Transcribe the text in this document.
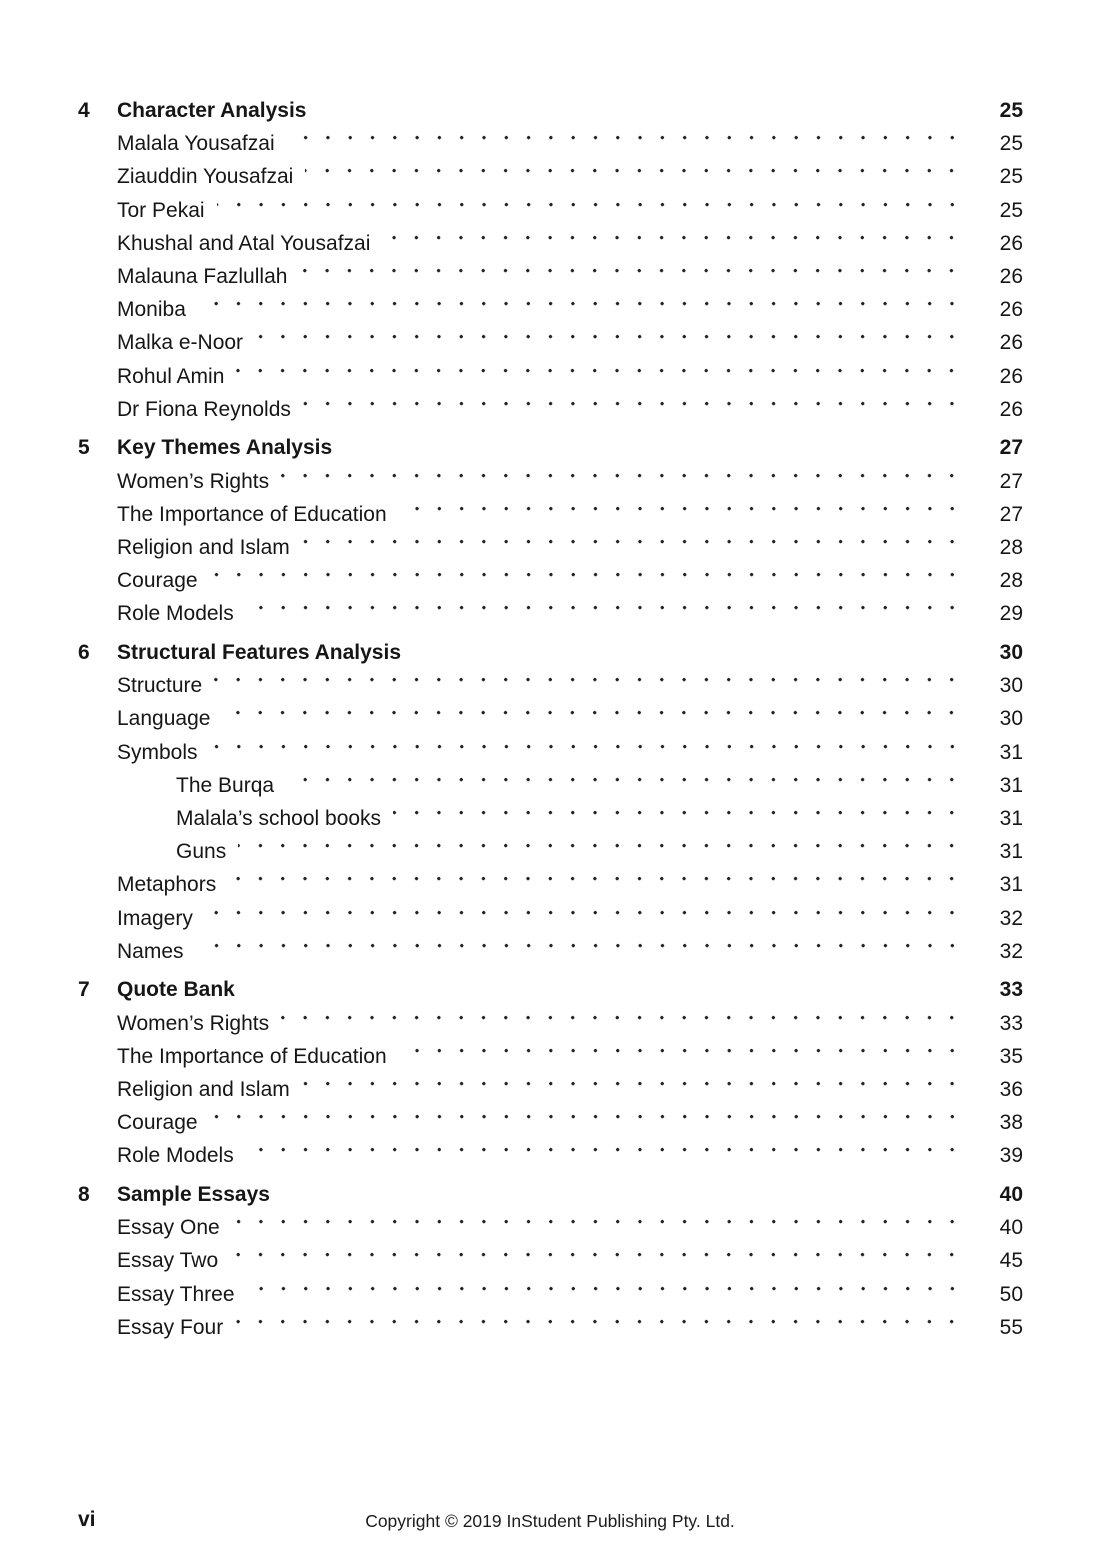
4	Character Analysis	25
Malala Yousafzai	25
Ziauddin Yousafzai	25
Tor Pekai	25
Khushal and Atal Yousafzai	26
Malauna Fazlullah	26
Moniba	26
Malka e-Noor	26
Rohul Amin	26
Dr Fiona Reynolds	26
5	Key Themes Analysis	27
Women’s Rights	27
The Importance of Education	27
Religion and Islam	28
Courage	28
Role Models	29
6	Structural Features Analysis	30
Structure	30
Language	30
Symbols	31
The Burqa	31
Malala’s school books	31
Guns	31
Metaphors	31
Imagery	32
Names	32
7	Quote Bank	33
Women’s Rights	33
The Importance of Education	35
Religion and Islam	36
Courage	38
Role Models	39
8	Sample Essays	40
Essay One	40
Essay Two	45
Essay Three	50
Essay Four	55
vi	Copyright © 2019 InStudent Publishing Pty. Ltd.
